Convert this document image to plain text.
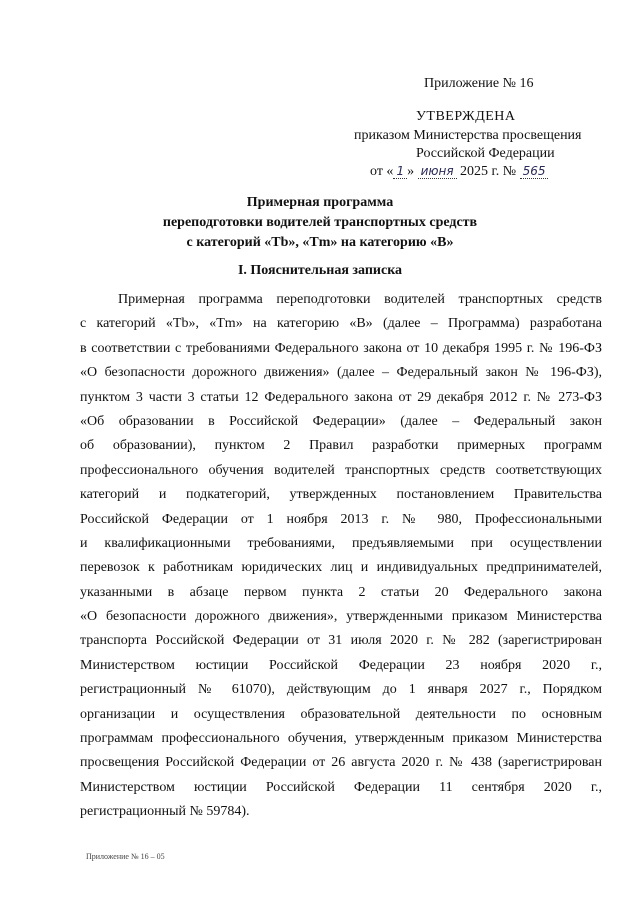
Приложение № 16
УТВЕРЖДЕНА
приказом Министерства просвещения
Российской Федерации
от « 1 » июня 2025 г. № 565
Примерная программа
переподготовки водителей транспортных средств
с категорий «Tb», «Tm» на категорию «В»
I. Пояснительная записка
Примерная программа переподготовки водителей транспортных средств
с категорий «Tb», «Tm» на категорию «В» (далее – Программа) разработана
в соответствии с требованиями Федерального закона от 10 декабря 1995 г. № 196-ФЗ
«О безопасности дорожного движения» (далее – Федеральный закон № 196-ФЗ),
пунктом 3 части 3 статьи 12 Федерального закона от 29 декабря 2012 г. № 273-ФЗ
«Об образовании в Российской Федерации» (далее – Федеральный закон
об образовании), пунктом 2 Правил разработки примерных программ
профессионального обучения водителей транспортных средств соответствующих
категорий и подкатегорий, утвержденных постановлением Правительства
Российской Федерации от 1 ноября 2013 г. № 980, Профессиональными
и квалификационными требованиями, предъявляемыми при осуществлении
перевозок к работникам юридических лиц и индивидуальных предпринимателей,
указанными в абзаце первом пункта 2 статьи 20 Федерального закона
«О безопасности дорожного движения», утвержденными приказом Министерства
транспорта Российской Федерации от 31 июля 2020 г. № 282 (зарегистрирован
Министерством юстиции Российской Федерации 23 ноября 2020 г.,
регистрационный № 61070), действующим до 1 января 2027 г., Порядком
организации и осуществления образовательной деятельности по основным
программам профессионального обучения, утвержденным приказом Министерства
просвещения Российской Федерации от 26 августа 2020 г. № 438 (зарегистрирован
Министерством юстиции Российской Федерации 11 сентября 2020 г.,
регистрационный № 59784).
Приложение № 16 – 05
